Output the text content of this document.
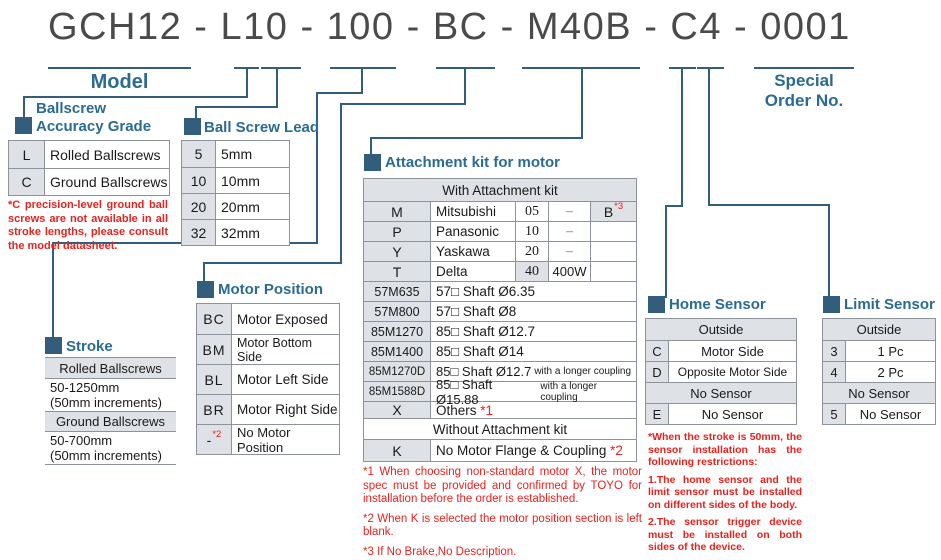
GCH12 - L10 - 100 - BC - M40B - C4 - 0001
Model	Special
Order No.
Ballscrew
Accuracy Grade	Ball Screw Lead
Stroke
Motor Position
Attachment kit for motor
Home Sensor	Limit Sensor
L	Rolled Ballscrews
C	Ground Ballscrews
*C precision-level ground ball screws are not available in all stroke lengths, please consult the model datasheet.
5	5mm
10	10mm
20	20mm
32	32mm
Rolled Ballscrews
50-1250mm
(50mm increments)
Ground Ballscrews
50-700mm
(50mm increments)
BC Motor Exposed
BM Motor Bottom Side
BL Motor Left Side
BR Motor Right Side
- *2	No Motor Position
With Attachment kit
M	Mitsubishi	05	–	B *3
P	Panasonic	10	–
Y	Yaskawa	20	–
T	Delta	40	400W
57M635	57□ Shaft Ø6.35
57M800	57□ Shaft Ø8
85M1270 85□ Shaft Ø12.7
85M1400 85□ Shaft Ø14
85M1270D 85□ Shaft Ø12.7 with a longer coupling
85M1588D 85□ Shaft Ø15.88
with a longer coupling
X	Others
*1
Without Attachment kit
K	No Motor Flange & Coupling
*2

*1 When choosing non-standard motor X, the motor spec must be provided and confirmed by TOYO for installation before the order is established.

*2 When K is selected the motor position section is left blank.

*3 If No Brake,No Description.

Outside
C	Motor Side
D	Opposite Motor Side
No Sensor
E	No Sensor
Outside
3	1 Pc
4	2 Pc
No Sensor
5	No Sensor

*When the stroke is 50mm, the sensor installation has the following restrictions:

1.The home sensor and the limit sensor must be installed on different sides of the body.

2.The sensor trigger device must be installed on both sides of the device.
